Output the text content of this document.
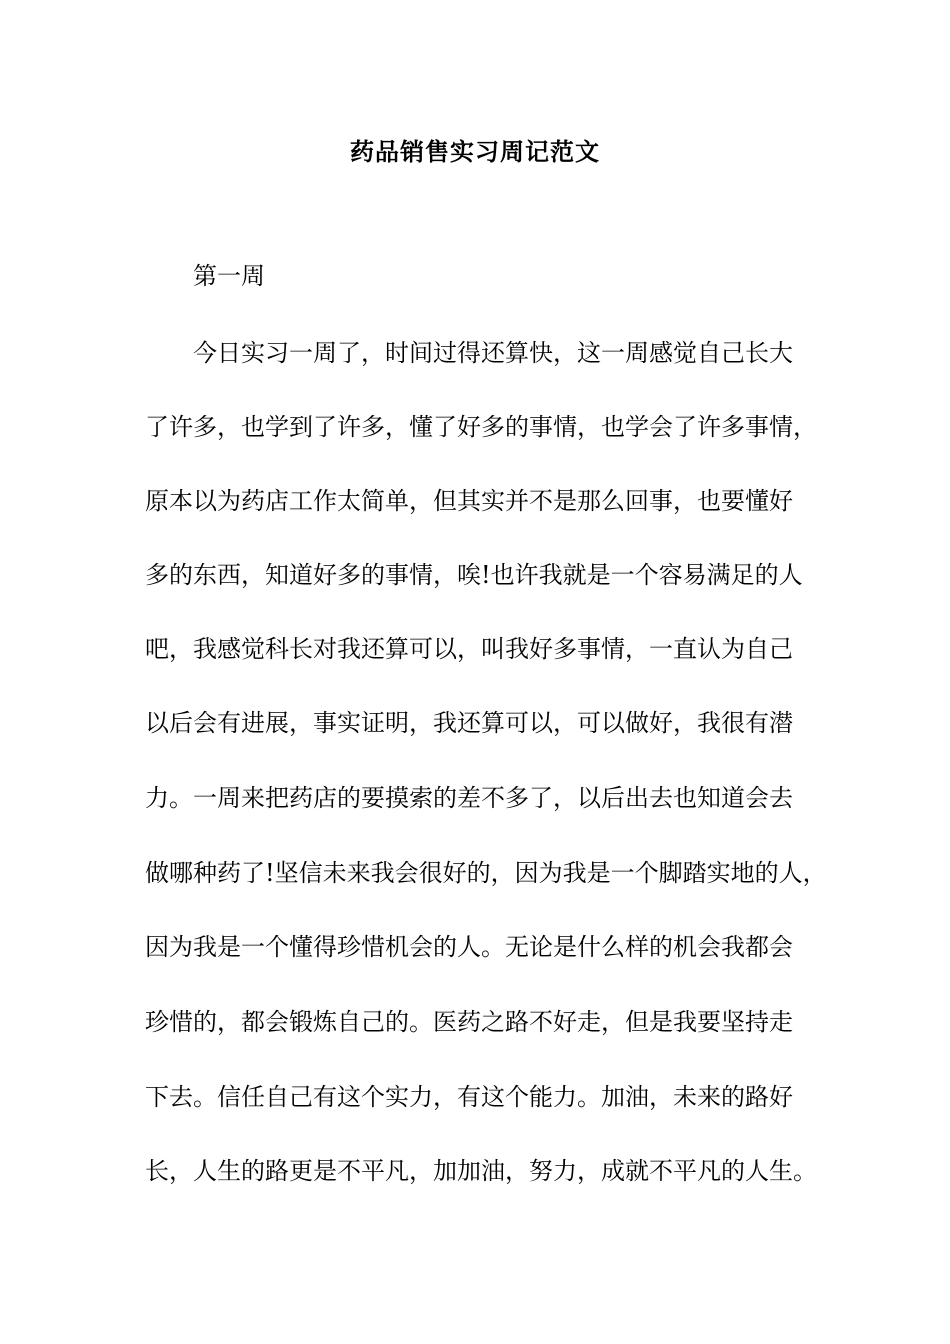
药品销售实习周记范文
第一周
今日实习一周了，时间过得还算快，这一周感觉自己长大
了许多，也学到了许多，懂了好多的事情，也学会了许多事情，
原本以为药店工作太简单，但其实并不是那么回事，也要懂好
多的东西，知道好多的事情，唉!也许我就是一个容易满足的人
吧，我感觉科长对我还算可以，叫我好多事情，一直认为自己
以后会有进展，事实证明，我还算可以，可以做好，我很有潜
力。一周来把药店的要摸索的差不多了，以后出去也知道会去
做哪种药了!坚信未来我会很好的，因为我是一个脚踏实地的人，
因为我是一个懂得珍惜机会的人。无论是什么样的机会我都会
珍惜的，都会锻炼自己的。医药之路不好走，但是我要坚持走
下去。信任自己有这个实力，有这个能力。加油，未来的路好
长，人生的路更是不平凡，加加油，努力，成就不平凡的人生。
